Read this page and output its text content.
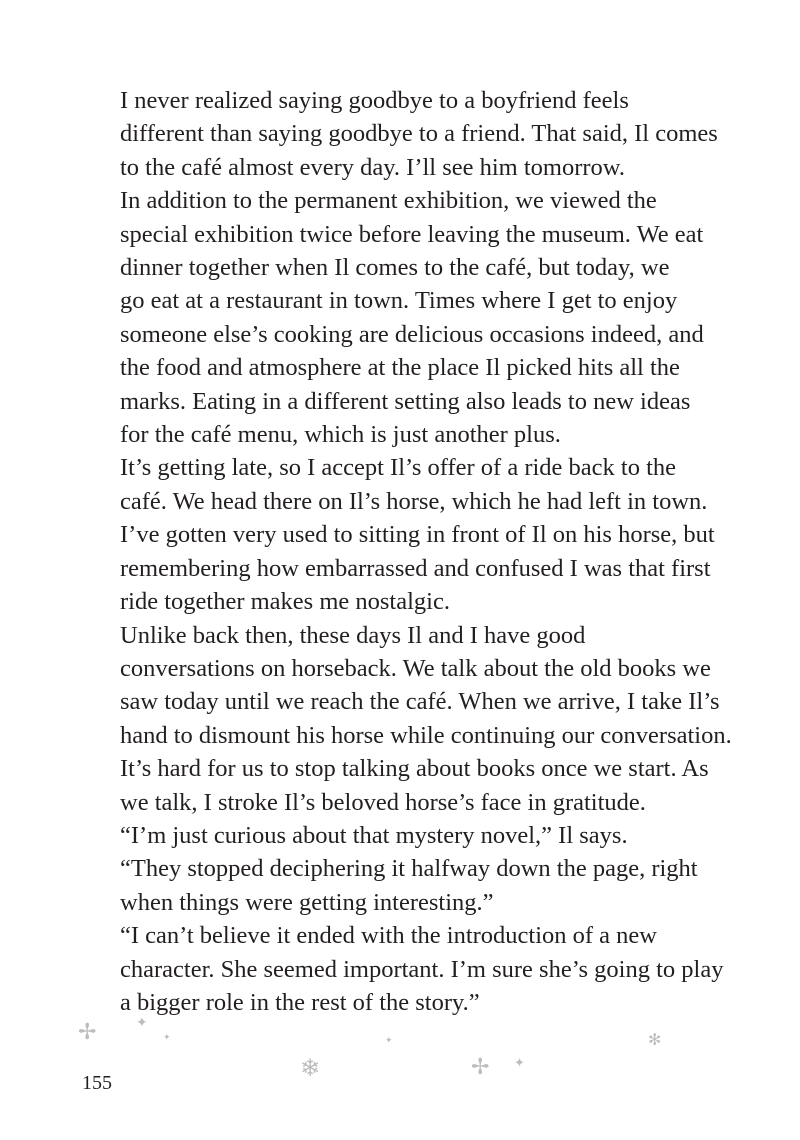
I never realized saying goodbye to a boyfriend feels
different than saying goodbye to a friend. That said, Il comes
to the café almost every day. I’ll see him tomorrow.

In addition to the permanent exhibition, we viewed the
special exhibition twice before leaving the museum. We eat
dinner together when Il comes to the café, but today, we
go eat at a restaurant in town. Times where I get to enjoy
someone else’s cooking are delicious occasions indeed, and
the food and atmosphere at the place Il picked hits all the
marks. Eating in a different setting also leads to new ideas
for the café menu, which is just another plus.

It’s getting late, so I accept Il’s offer of a ride back to the
café. We head there on Il’s horse, which he had left in town.
I’ve gotten very used to sitting in front of Il on his horse, but
remembering how embarrassed and confused I was that first
ride together makes me nostalgic.

Unlike back then, these days Il and I have good
conversations on horseback. We talk about the old books we
saw today until we reach the café. When we arrive, I take Il’s
hand to dismount his horse while continuing our conversation.
It’s hard for us to stop talking about books once we start. As
we talk, I stroke Il’s beloved horse’s face in gratitude.

“I’m just curious about that mystery novel,” Il says.
“They stopped deciphering it halfway down the page, right
when things were getting interesting.”

“I can’t believe it ended with the introduction of a new
character. She seemed important. I’m sure she’s going to play
a bigger role in the rest of the story.”

✢	✦
✦
❄
✦
✢ ✦
✻
155
